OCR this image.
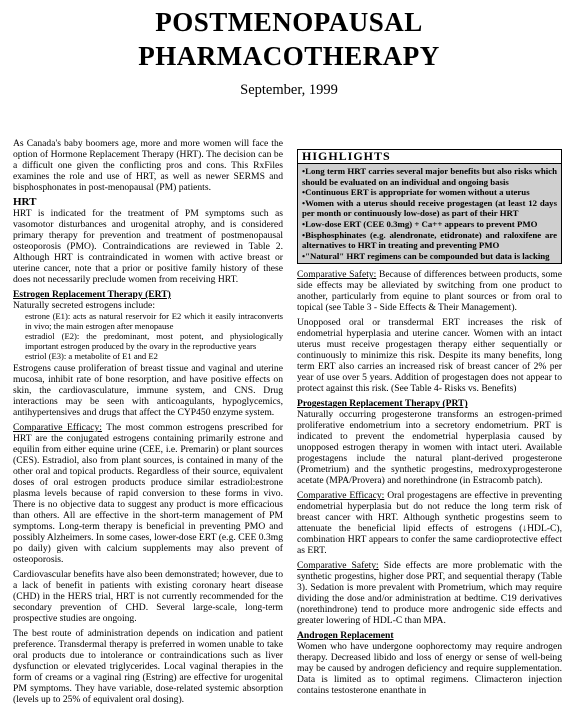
POSTMENOPAUSAL
PHARMACOTHERAPY
September, 1999

As Canada's baby boomers age, more and more women will face the option of Hormone Replacement Therapy (HRT). The decision can be a difficult one given the conflicting pros and cons. This RxFiles examines the role and use of HRT, as well as newer SERMS and bisphosphonates in post-menopausal (PM) patients.

HRT

HRT is indicated for the treatment of PM symptoms such as vasomotor disturbances and urogenital atrophy, and is considered primary therapy for prevention and treatment of postmenopausal osteoporosis (PMO). Contraindications are reviewed in Table 2. Although HRT is contraindicated in women with active breast or uterine cancer, note that a prior or positive family history of these does not necessarily preclude women from receiving HRT.

Estrogen Replacement Therapy (ERT)
Naturally secreted estrogens include:
estrone (E1): acts as natural reservoir for E2 which it easily intraconverts in vivo; the main estrogen after menopause
estradiol (E2): the predominant, most potent, and physiologically important estrogen produced by the ovary in the reproductive years
estriol (E3): a metabolite of E1 and E2

Estrogens cause proliferation of breast tissue and vaginal and uterine mucosa, inhibit rate of bone resorption, and have positive effects on skin, the cardiovasculature, immune system, and CNS. Drug interactions may be seen with anticoagulants, hypoglycemics, antihypertensives and drugs that affect the CYP450 enzyme system.

Comparative Efficacy: The most common estrogens prescribed for HRT are the conjugated estrogens containing primarily estrone and equilin from either equine urine (CEE, i.e. Premarin) or plant sources (CES). Estradiol, also from plant sources, is contained in many of the other oral and topical products. Regardless of their source, equivalent doses of oral estrogen products produce similar estradiol:estrone plasma levels because of rapid conversion to these forms in vivo. There is no objective data to suggest any product is more efficacious than others. All are effective in the short-term management of PM symptoms. Long-term therapy is beneficial in preventing PMO and possibly Alzheimers. In some cases, lower-dose ERT (e.g. CEE 0.3mg po daily) given with calcium supplements may also prevent of osteoporosis.

Cardiovascular benefits have also been demonstrated; however, due to a lack of benefit in patients with existing coronary heart disease (CHD) in the HERS trial, HRT is not currently recommended for the secondary prevention of CHD. Several large-scale, long-term prospective studies are ongoing.

The best route of administration depends on indication and patient preference. Transdermal therapy is preferred in women unable to take oral products due to intolerance or contraindications such as liver dysfunction or elevated triglycerides. Local vaginal therapies in the form of creams or a vaginal ring (Estring) are effective for urogenital PM symptoms. They have variable, dose-related systemic absorption (levels up to 25% of equivalent oral dosing).

HIGHLIGHTS
•Long term HRT carries several major benefits but also risks which should be evaluated on an individual and ongoing basis
•Continuous ERT is appropriate for women without a uterus
•Women with a uterus should receive progestagen (at least 12 days per month or continuously low-dose) as part of their HRT
•Low-dose ERT (CEE 0.3mg) + Ca++ appears to prevent PMO
•Bisphosphinates (e.g. alendronate, etidronate) and raloxifene are alternatives to HRT in treating and preventing PMO
•"Natural" HRT regimens can be compounded but data is lacking

Comparative Safety: Because of differences between products, some side effects may be alleviated by switching from one product to another, particularly from equine to plant sources or from oral to topical (see Table 3 - Side Effects & Their Management).

Unopposed oral or transdermal ERT increases the risk of endometrial hyperplasia and uterine cancer. Women with an intact uterus must receive progestagen therapy either sequentially or continuously to minimize this risk. Despite its many benefits, long term ERT also carries an increased risk of breast cancer of 2% per year of use over 5 years. Addition of progestagen does not appear to protect against this risk. (See Table 4- Risks vs. Benefits)

Progestagen Replacement Therapy (PRT)

Naturally occurring progesterone transforms an estrogen-primed proliferative endometrium into a secretory endometrium. PRT is indicated to prevent the endometrial hyperplasia caused by unopposed estrogen therapy in women with intact uteri. Available progestagens include the natural plant-derived progesterone (Prometrium) and the synthetic progestins, medroxyprogesterone acetate (MPA/Provera) and norethindrone (in Estracomb patch).

Comparative Efficacy: Oral progestagens are effective in preventing endometrial hyperplasia but do not reduce the long term risk of breast cancer with HRT. Although synthetic progestins seem to attenuate the beneficial lipid effects of estrogens (↓HDL-C), combination HRT appears to confer the same cardioprotective effect as ERT.

Comparative Safety: Side effects are more problematic with the synthetic progestins, higher dose PRT, and sequential therapy (Table 3). Sedation is more prevalent with Prometrium, which may require dividing the dose and/or administration at bedtime. C19 derivatives (norethindrone) tend to produce more androgenic side effects and greater lowering of HDL-C than MPA.

Androgen Replacement

Women who have undergone oophorectomy may require androgen therapy. Decreased libido and loss of energy or sense of well-being may be caused by androgen deficiency and require supplementation. Data is limited as to optimal regimens. Climacteron injection contains testosterone enanthate in
